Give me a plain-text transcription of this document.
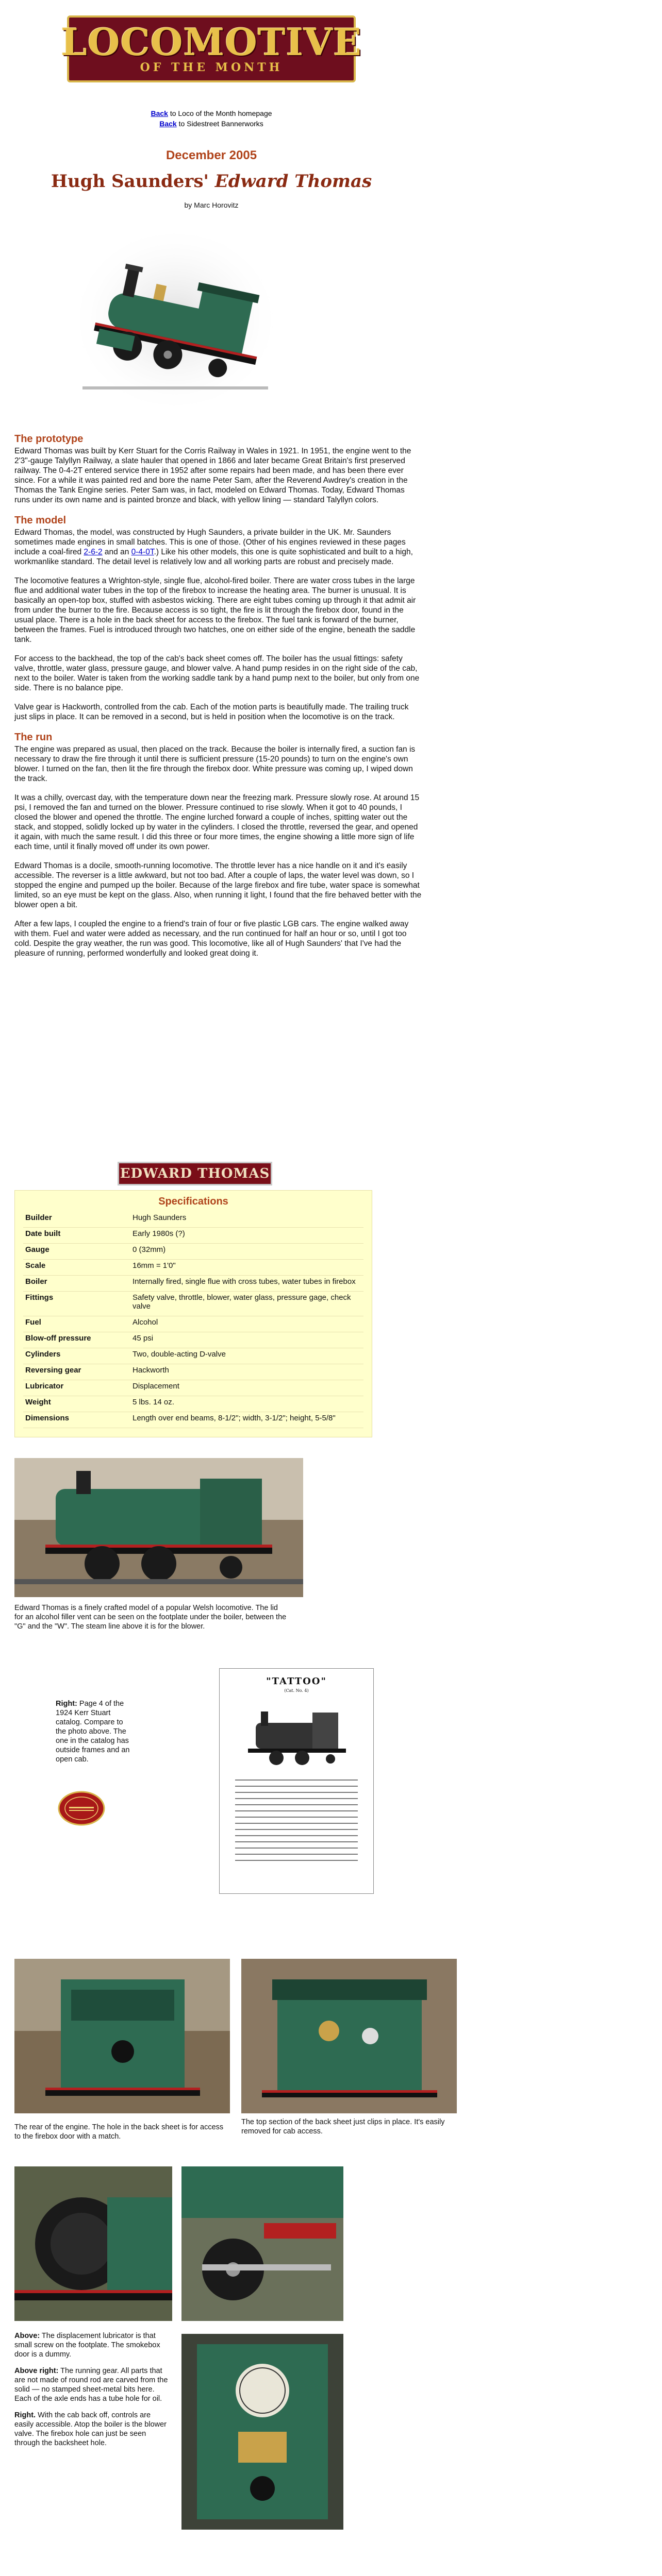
LOCOMOTIVE
OF THE MONTH
Back to Loco of the Month homepage
Back to Sidestreet Bannerworks
December 2005
Hugh Saunders' Edward Thomas
by Marc Horovitz
The prototype

Edward Thomas was built by Kerr Stuart for the Corris Railway in Wales in 1921. In 1951, the engine went to the 2'3"-gauge Talyllyn Railway, a slate hauler that opened in 1866 and later became Great Britain's first preserved railway. The 0-4-2T entered service there in 1952 after some repairs had been made, and has been there ever since. For a while it was painted red and bore the name Peter Sam, after the Reverend Awdrey's creation in the Thomas the Tank Engine series. Peter Sam was, in fact, modeled on Edward Thomas. Today, Edward Thomas runs under its own name and is painted bronze and black, with yellow lining — standard Talyllyn colors.

The model

Edward Thomas, the model, was constructed by Hugh Saunders, a private builder in the UK. Mr. Saunders sometimes made engines in small batches. This is one of those. (Other of his engines reviewed in these pages include a coal-fired 2-6-2 and an 0-4-0T.) Like his other models, this one is quite sophisticated and built to a high, workmanlike standard. The detail level is relatively low and all working parts are robust and precisely made.

The locomotive features a Wrighton-style, single flue, alcohol-fired boiler. There are water cross tubes in the large flue and additional water tubes in the top of the firebox to increase the heating area. The burner is unusual. It is basically an open-top box, stuffed with asbestos wicking. There are eight tubes coming up through it that admit air from under the burner to the fire. Because access is so tight, the fire is lit through the firebox door, found in the usual place. There is a hole in the back sheet for access to the firebox. The fuel tank is forward of the burner, between the frames. Fuel is introduced through two hatches, one on either side of the engine, beneath the saddle tank.

For access to the backhead, the top of the cab's back sheet comes off. The boiler has the usual fittings: safety valve, throttle, water glass, pressure gauge, and blower valve. A hand pump resides in on the right side of the cab, next to the boiler. Water is taken from the working saddle tank by a hand pump next to the boiler, but only from one side. There is no balance pipe.

Valve gear is Hackworth, controlled from the cab. Each of the motion parts is beautifully made. The trailing truck just slips in place. It can be removed in a second, but is held in position when the locomotive is on the track.

The run

The engine was prepared as usual, then placed on the track. Because the boiler is internally fired, a suction fan is necessary to draw the fire through it until there is sufficient pressure (15-20 pounds) to turn on the engine's own blower. I turned on the fan, then lit the fire through the firebox door. White pressure was coming up, I wiped down the track.

It was a chilly, overcast day, with the temperature down near the freezing mark. Pressure slowly rose. At around 15 psi, I removed the fan and turned on the blower. Pressure continued to rise slowly. When it got to 40 pounds, I closed the blower and opened the throttle. The engine lurched forward a couple of inches, spitting water out the stack, and stopped, solidly locked up by water in the cylinders. I closed the throttle, reversed the gear, and opened it again, with much the same result. I did this three or four more times, the engine showing a little more sign of life each time, until it finally moved off under its own power.

Edward Thomas is a docile, smooth-running locomotive. The throttle lever has a nice handle on it and it's easily accessible. The reverser is a little awkward, but not too bad. After a couple of laps, the water level was down, so I stopped the engine and pumped up the boiler. Because of the large firebox and fire tube, water space is somewhat limited, so an eye must be kept on the glass. Also, when running it light, I found that the fire behaved better with the blower open a bit.

After a few laps, I coupled the engine to a friend's train of four or five plastic LGB cars. The engine walked away with them. Fuel and water were added as necessary, and the run continued for half an hour or so, until I got too cold. Despite the gray weather, the run was good. This locomotive, like all of Hugh Saunders' that I've had the pleasure of running, performed wonderfully and looked great doing it.

EDWARD THOMAS
Specifications
Builder	Hugh Saunders
Date built	Early 1980s (?)
Gauge	0 (32mm)
Scale	16mm = 1'0"
Boiler	Internally fired, single flue with cross tubes, water tubes in firebox
Fittings	Safety valve, throttle, blower, water glass, pressure gage, check valve
Fuel	Alcohol
Blow-off pressure	45 psi
Cylinders	Two, double-acting D-valve
Reversing gear	Hackworth
Lubricator	Displacement
Weight	5 lbs. 14 oz.
Dimensions	Length over end beams, 8-1/2"; width, 3-1/2"; height, 5-5/8"

Edward Thomas is a finely crafted model of a popular Welsh locomotive. The lid for an alcohol filler vent can be seen on the footplate under the boiler, between the "G" and the "W". The steam line above it is for the blower.

"TATTOO"
(Cat. No. 4)

Right: Page 4 of the 1924 Kerr Stuart catalog. Compare to the photo above. The one in the catalog has outside frames and an open cab.

The rear of the engine. The hole in the back sheet is for access to the firebox door with a match.

The top section of the back sheet just clips in place. It's easily removed for cab access.

Above: The displacement lubricator is that small screw on the footplate. The smokebox door is a dummy.

Above right: The running gear. All parts that are not made of round rod are carved from the solid — no stamped sheet-metal bits here. Each of the axle ends has a tube hole for oil.

Right. With the cab back off, controls are easily accessible. Atop the boiler is the blower valve. The firebox hole can just be seen through the backsheet hole.
